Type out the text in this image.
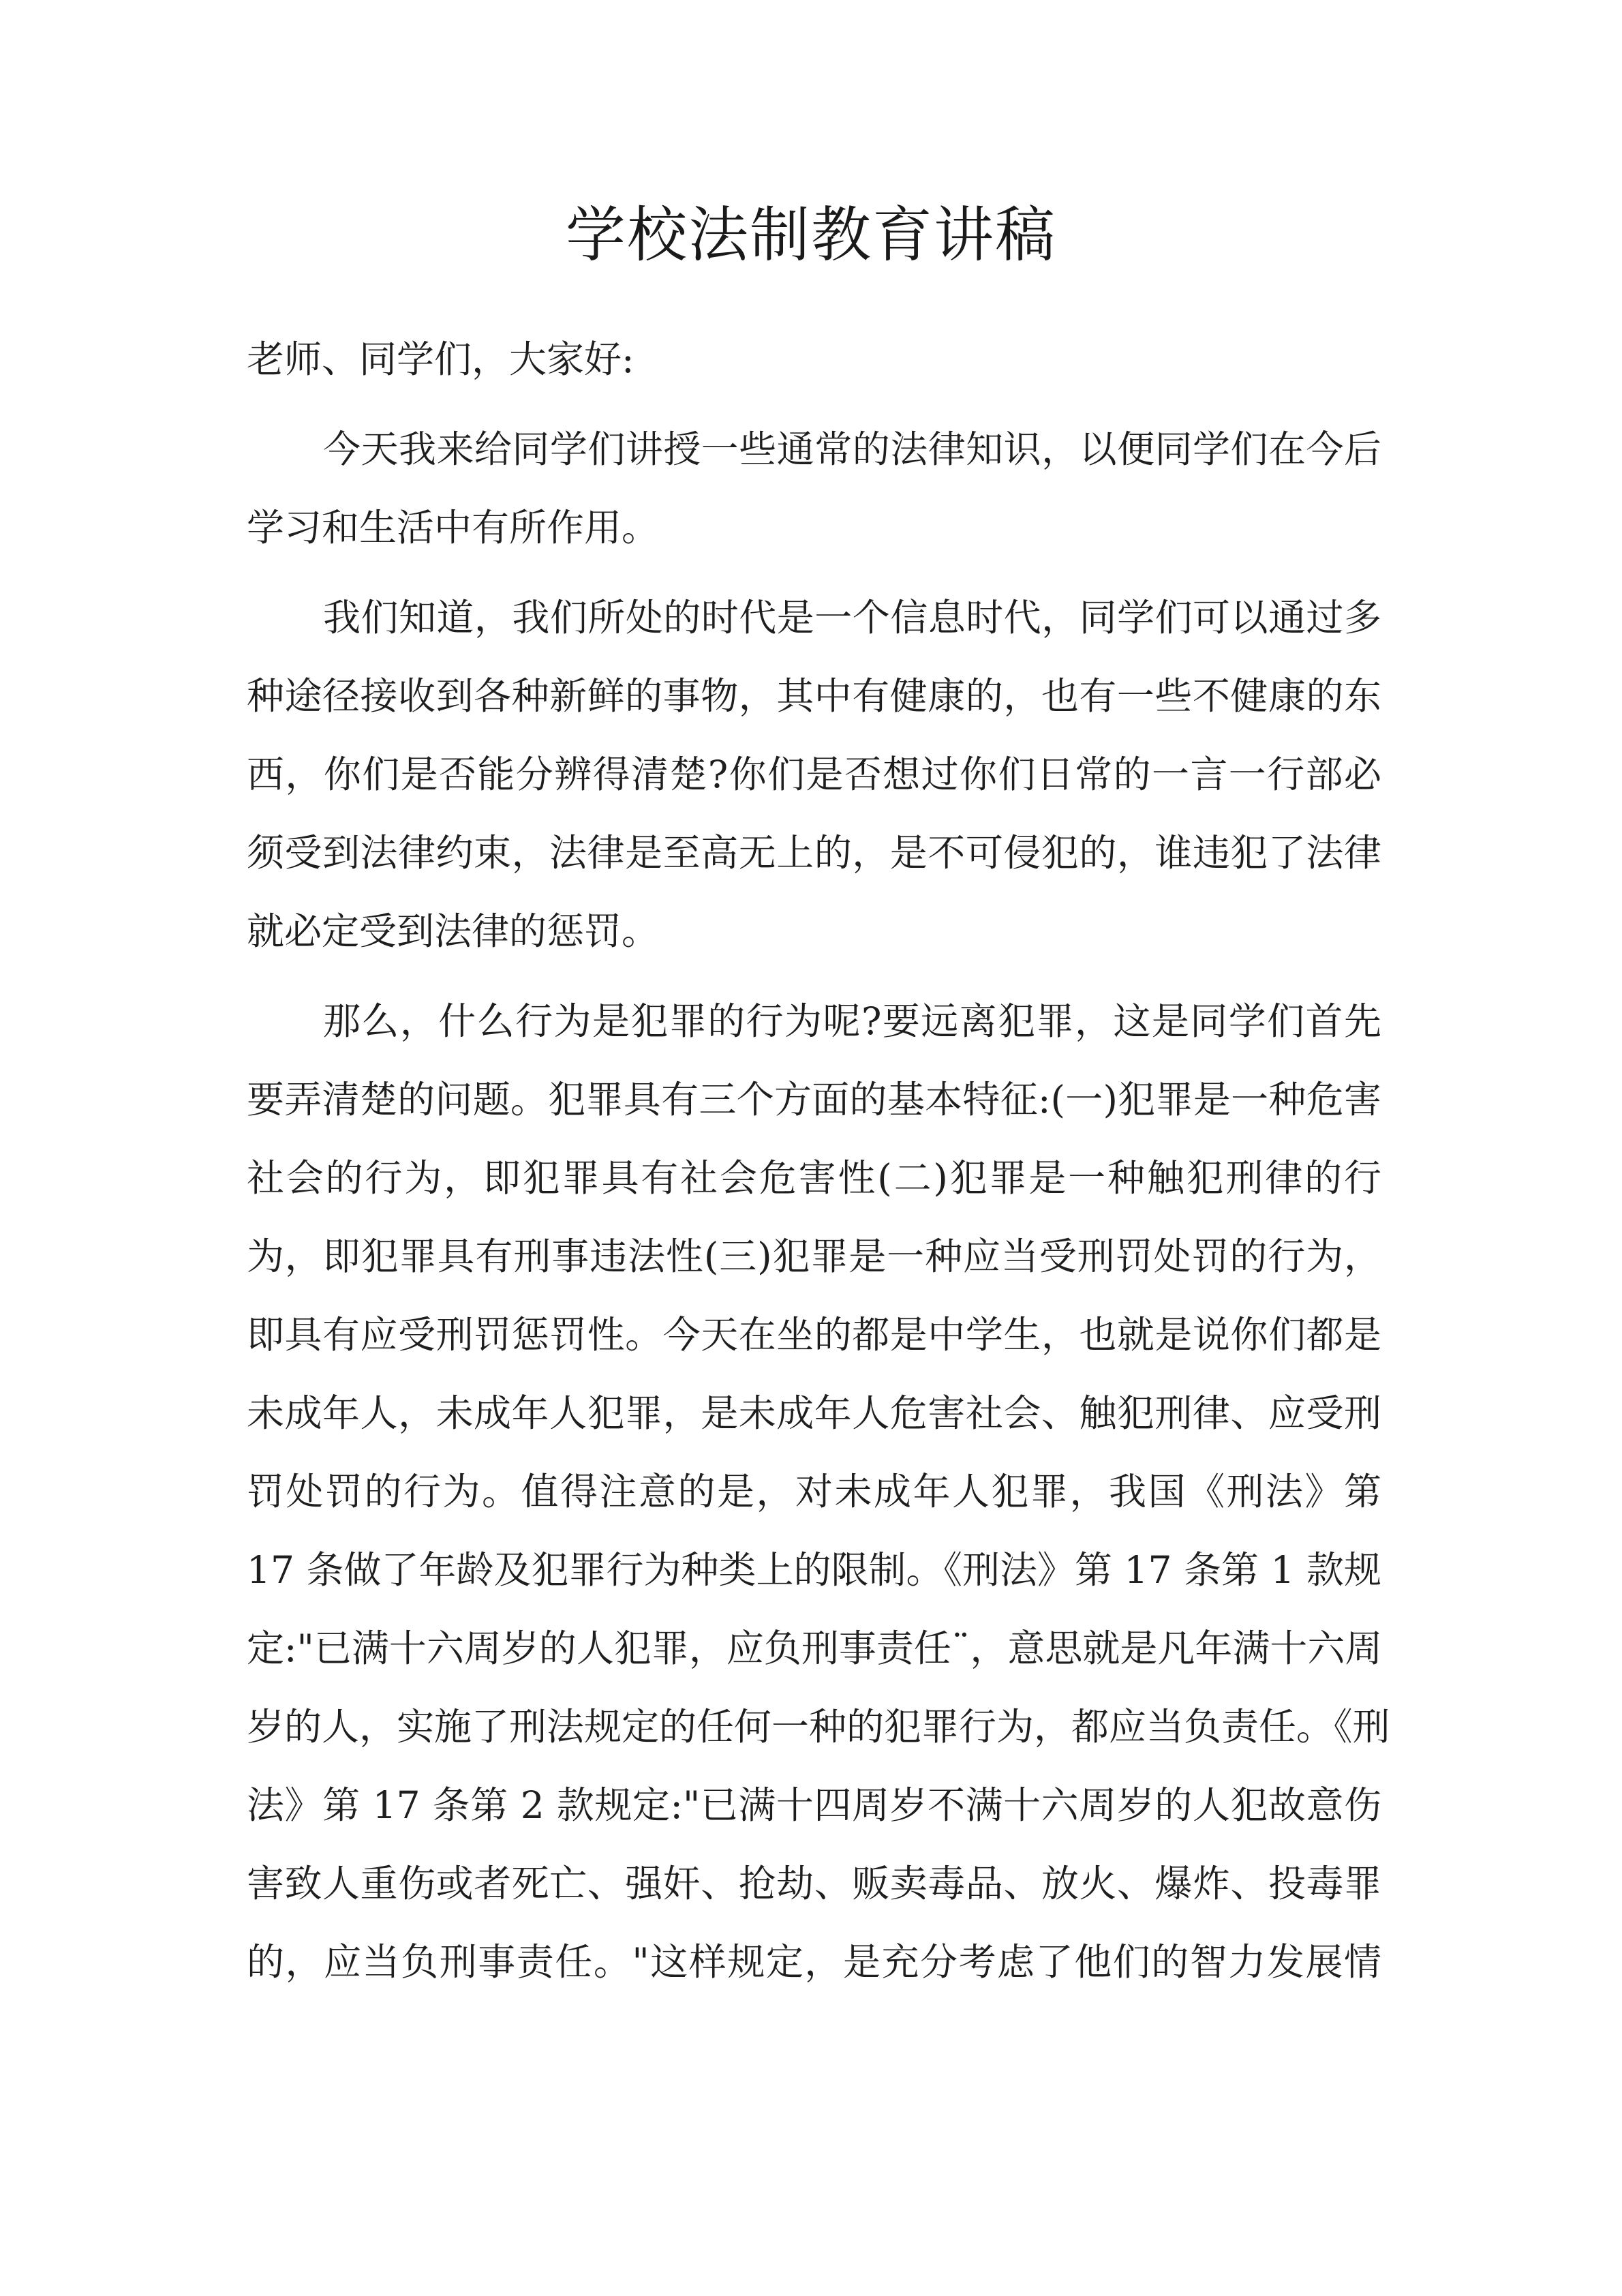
学校法制教育讲稿
老师、同学们，大家好:
今天我来给同学们讲授一些通常的法律知识，以便同学们在今后
学习和生活中有所作用。
我们知道，我们所处的时代是一个信息时代，同学们可以通过多
种途径接收到各种新鲜的事物，其中有健康的，也有一些不健康的东
西，你们是否能分辨得清楚?你们是否想过你们日常的一言一行部必
须受到法律约束，法律是至高无上的，是不可侵犯的，谁违犯了法律
就必定受到法律的惩罚。
那么，什么行为是犯罪的行为呢?要远离犯罪，这是同学们首先
要弄清楚的问题。犯罪具有三个方面的基本特征:(一)犯罪是一种危害
社会的行为，即犯罪具有社会危害性(二)犯罪是一种触犯刑律的行
为，即犯罪具有刑事违法性(三)犯罪是一种应当受刑罚处罚的行为，
即具有应受刑罚惩罚性。今天在坐的都是中学生，也就是说你们都是
未成年人，未成年人犯罪，是未成年人危害社会、触犯刑律、应受刑
罚处罚的行为。值得注意的是，对未成年人犯罪，我国《刑法》第
17 条做了年龄及犯罪行为种类上的限制。《刑法》第 17 条第 1 款规
定:"已满十六周岁的人犯罪，应负刑事责任¨，意思就是凡年满十六周
岁的人，实施了刑法规定的任何一种的犯罪行为，都应当负责任。《刑
法》第 17 条第 2 款规定:"已满十四周岁不满十六周岁的人犯故意伤
害致人重伤或者死亡、强奸、抢劫、贩卖毒品、放火、爆炸、投毒罪
的，应当负刑事责任。"这样规定，是充分考虑了他们的智力发展情
